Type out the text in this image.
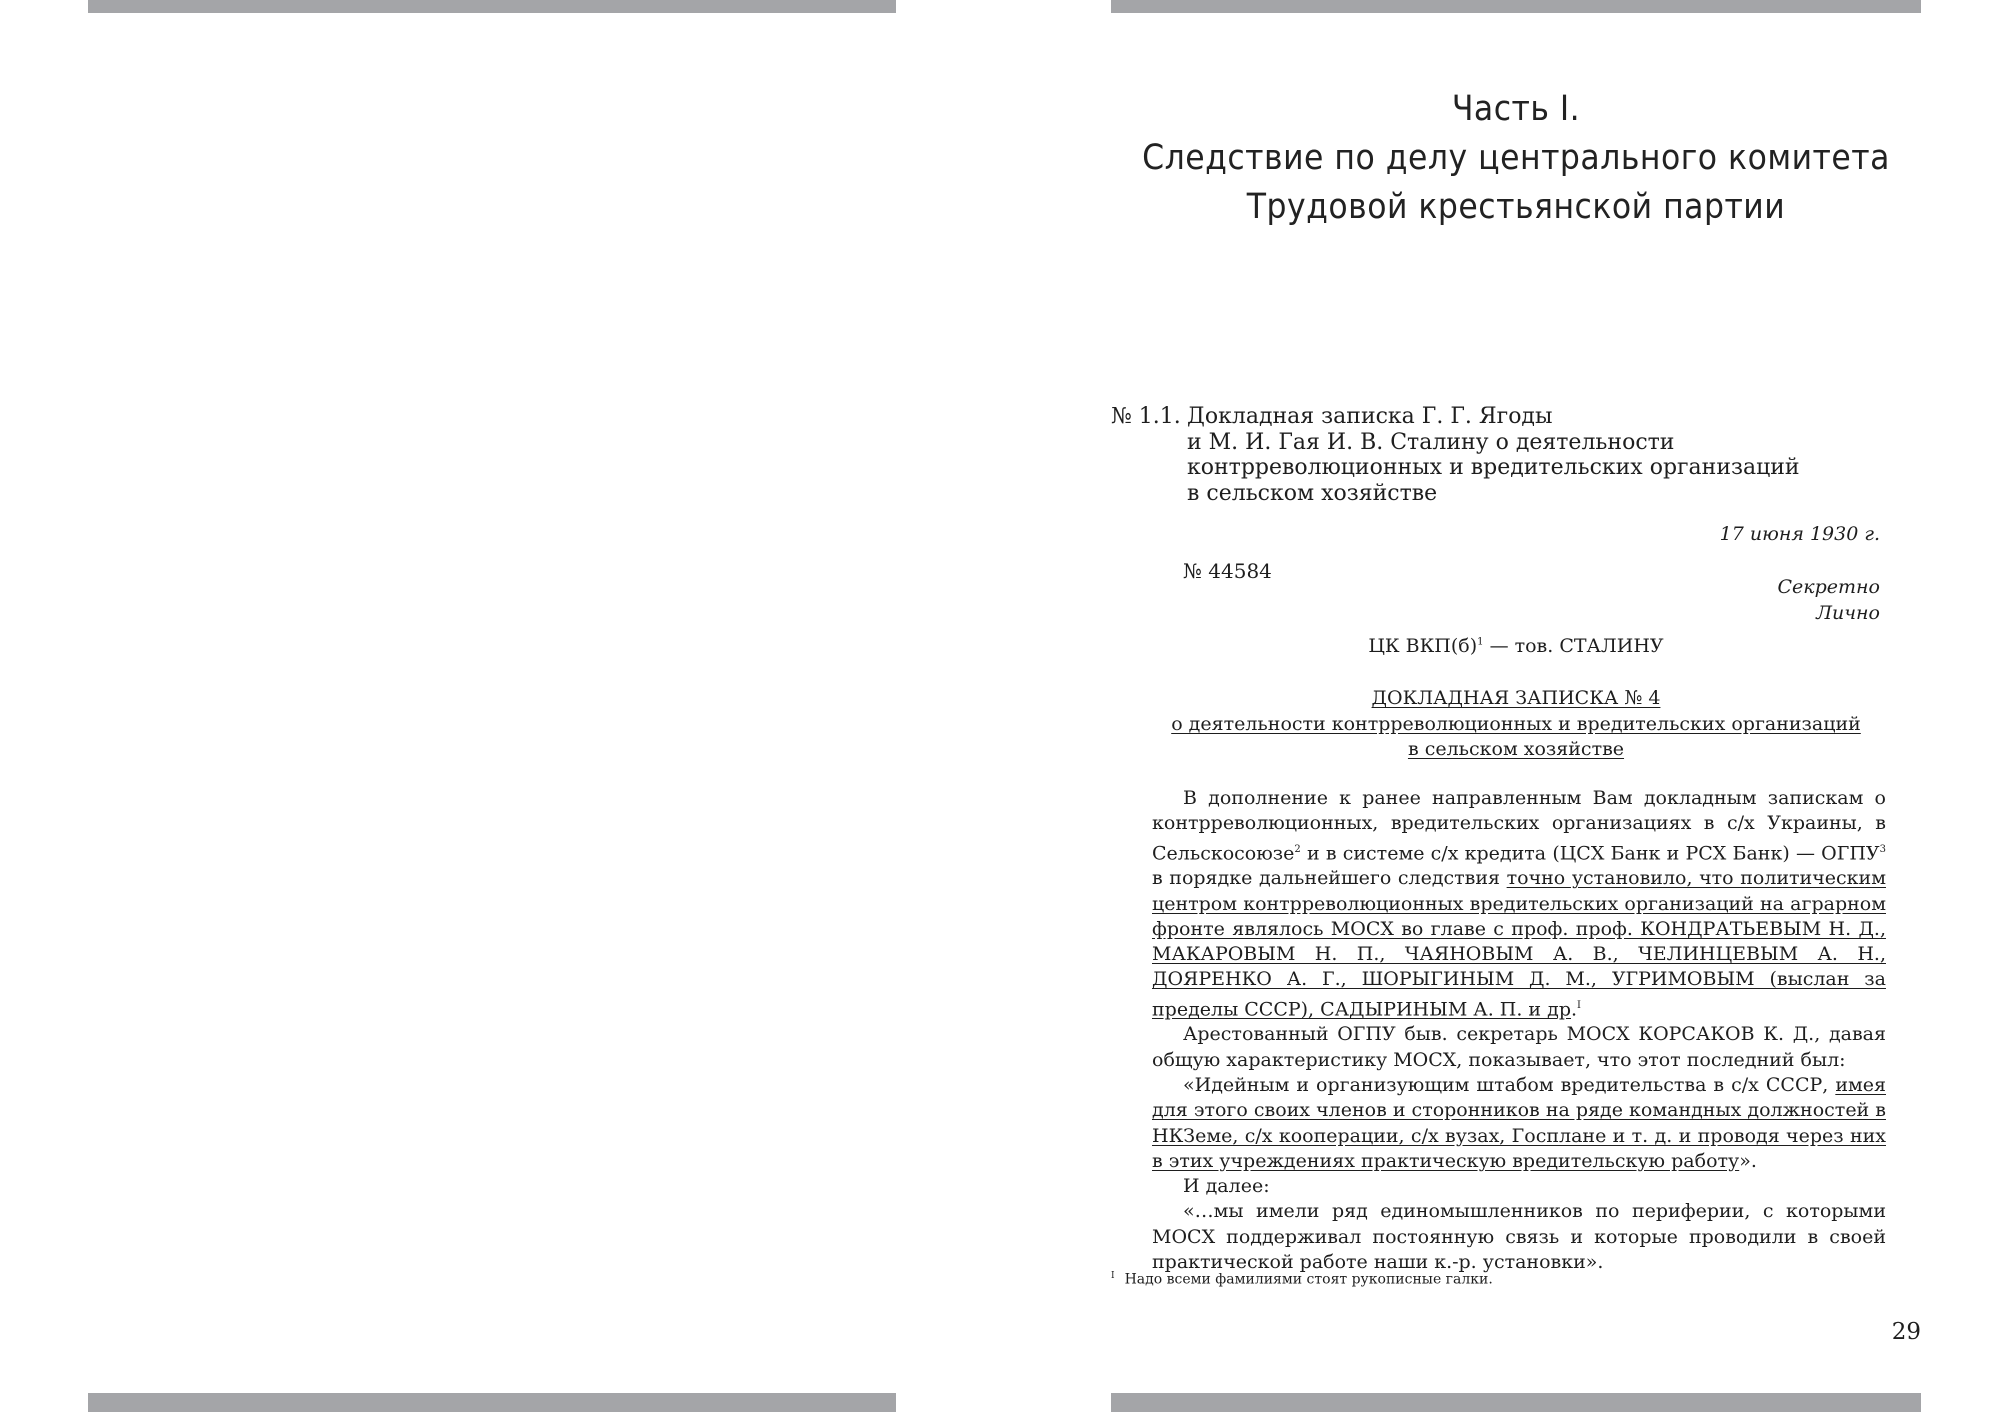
Часть I.
Следствие по делу центрального комитета
Трудовой крестьянской партии
№ 1.1. Докладная записка Г. Г. Ягоды
и М. И. Гая И. В. Сталину о деятельности
контрреволюционных и вредительских организаций
в сельском хозяйстве
17 июня 1930 г.
№ 44584
Секретно
Лично
ЦК $ВКП(б)^1$ — тов. СТАЛИНУ
ДОКЛАДНАЯ ЗАПИСКА № 4
о деятельности контрреволюционных и вредительских организаций
в сельском хозяйстве

В дополнение к ранее направленным Вам докладным запискам о контрреволюционных, вредительских организациях в с/х Украины, в Сельскосоюзе$^2$ и в системе с/х кредита (ЦСХ Банк и РСХ Банк) — ОГПУ$^3$ в порядке дальнейшего следствия точно установило, что политическим центром контрреволюционных вредительских организаций на аграрном фронте являлось МОСХ во главе с проф. проф. КОНДРАТЬЕВЫМ Н. Д., МАКАРОВЫМ Н. П., ЧАЯНОВЫМ А. В., ЧЕЛИНЦЕВЫМ А. Н., ДОЯРЕНКО А. Г., ШОРЫГИНЫМ Д. М., УГРИМОВЫМ (выслан за пределы СССР), САДЫРИНЫМ А. П. и др.$^I$

Арестованный ОГПУ быв. секретарь МОСХ КОРСАКОВ К. Д., давая общую характеристику МОСХ, показывает, что этот последний был:

«Идейным и организующим штабом вредительства в с/х СССР, имея для этого своих членов и сторонников на ряде командных должностей в НКЗеме, с/х кооперации, с/х вузах, Госплане и т. д. и проводя через них в этих учреждениях практическую вредительскую работу».

И далее:

«…мы имели ряд единомышленников по периферии, с которыми МОСХ поддерживал постоянную связь и которые проводили в своей практической работе наши к.-р. установки».

$^I$ Надо всеми фамилиями стоят рукописные галки.
29
